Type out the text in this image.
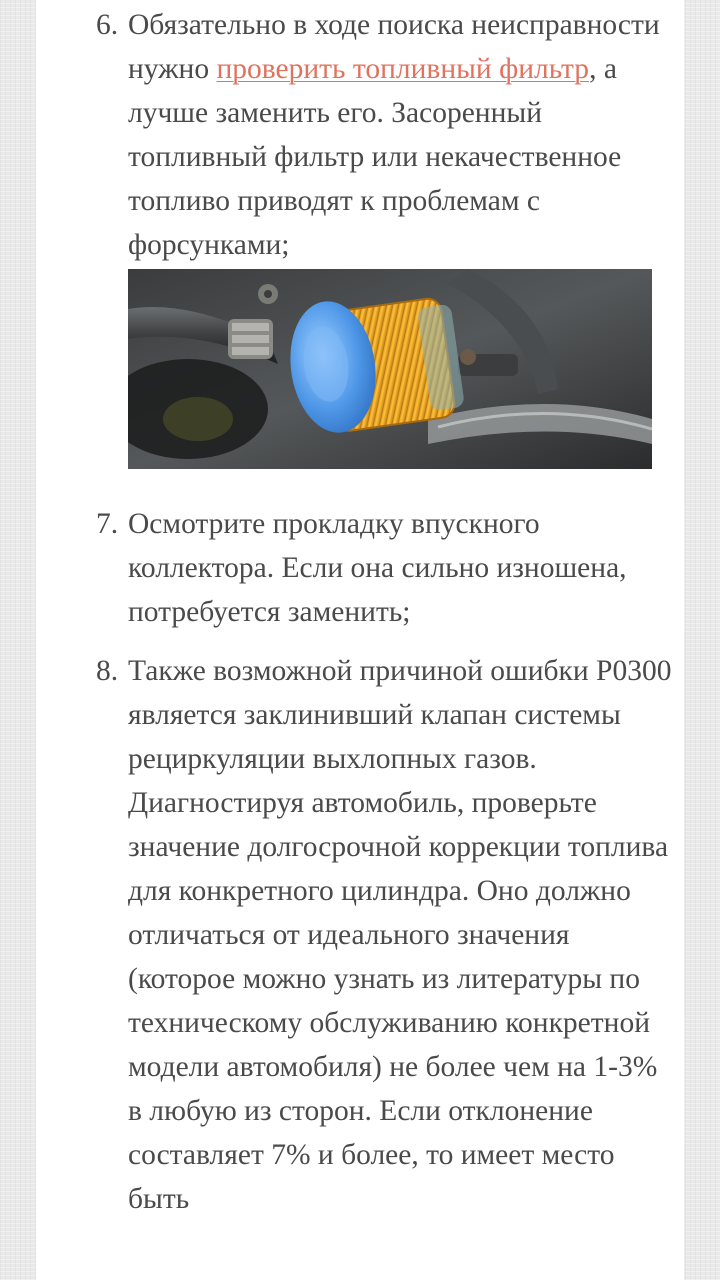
6. Обязательно в ходе поиска неисправности нужно проверить топливный фильтр, а лучше заменить его. Засоренный топливный фильтр или некачественное топливо приводят к проблемам с форсунками;
7. Осмотрите прокладку впускного коллектора. Если она сильно изношена, потребуется заменить;
8. Также возможной причиной ошибки P0300 является заклинивший клапан системы рециркуляции выхлопных газов. Диагностируя автомобиль, проверьте значение долгосрочной коррекции топлива для конкретного цилиндра. Оно должно отличаться от идеального значения (которое можно узнать из литературы по техническому обслуживанию конкретной модели автомобиля) не более чем на 1-3% в любую из сторон. Если отклонение составляет 7% и более, то имеет место быть
